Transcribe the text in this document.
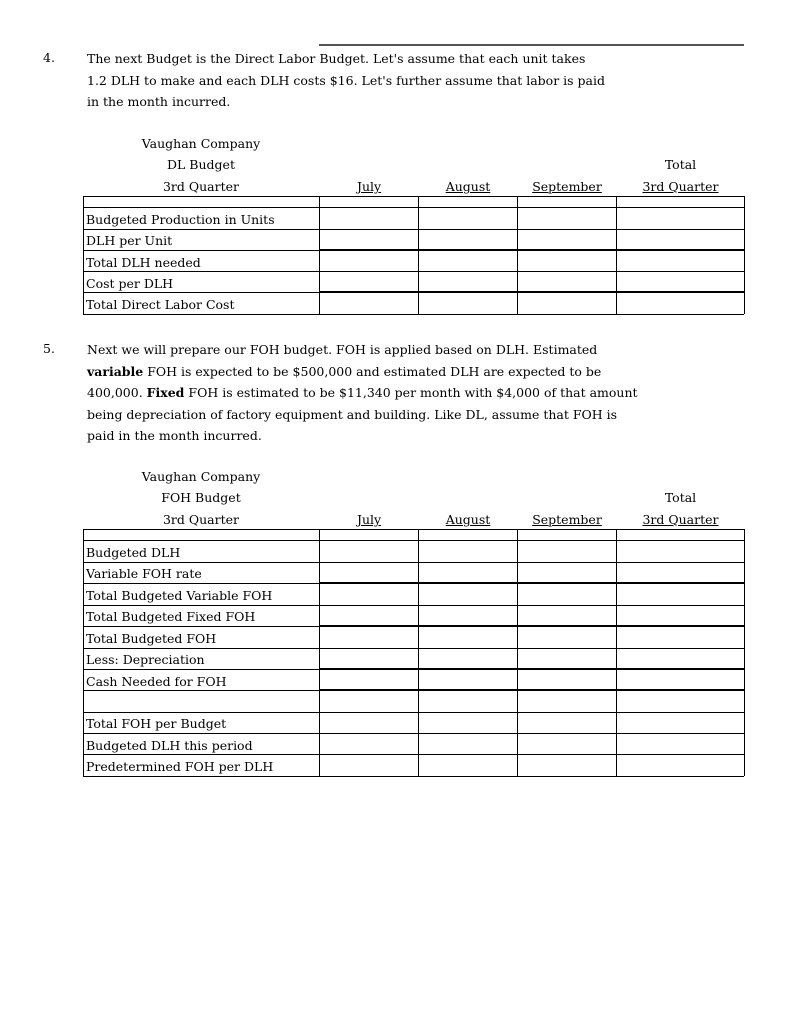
4.	The next Budget is the Direct Labor Budget. Let's assume that each unit takes
1.2 DLH to make and each DLH costs $16. Let's further assume that labor is paid
in the month incurred.
Vaughan Company
DL Budget
3rd Quarter
Total
July	August	September	3rd Quarter
Budgeted Production in Units
DLH per Unit
Total DLH needed
Cost per DLH
Total Direct Labor Cost
5.	Next we will prepare our FOH budget. FOH is applied based on DLH. Estimated
variable FOH is expected to be $500,000 and estimated DLH are expected to be
400,000. Fixed FOH is estimated to be $11,340 per month with $4,000 of that amount
being depreciation of factory equipment and building. Like DL, assume that FOH is
paid in the month incurred.
Vaughan Company
FOH Budget
3rd Quarter
Total
July	August	September	3rd Quarter
Budgeted DLH
Variable FOH rate
Total Budgeted Variable FOH
Total Budgeted Fixed FOH
Total Budgeted FOH
Less: Depreciation
Cash Needed for FOH
Total FOH per Budget
Budgeted DLH this period
Predetermined FOH per DLH
